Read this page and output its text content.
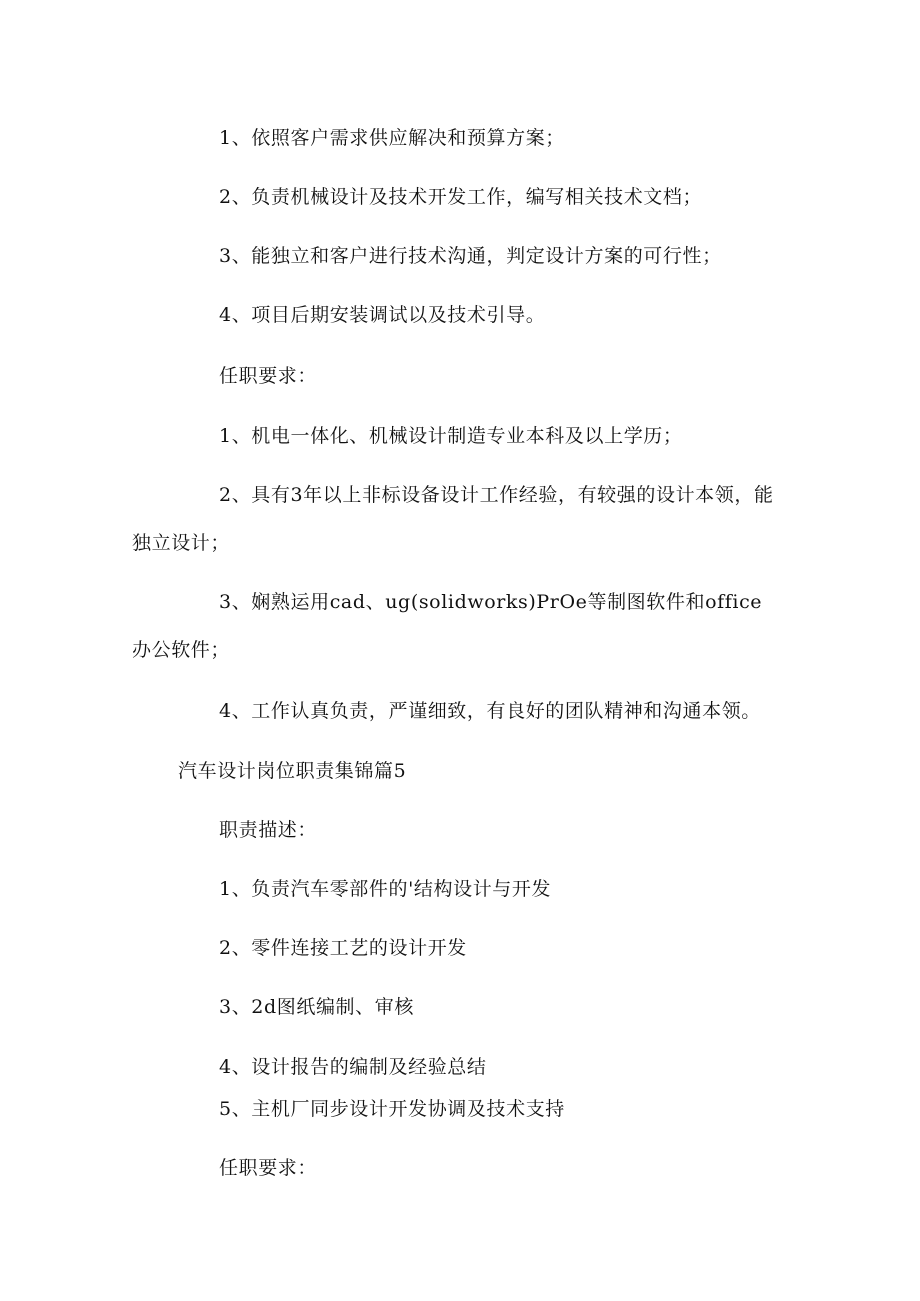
1、依照客户需求供应解决和预算方案；
2、负责机械设计及技术开发工作，编写相关技术文档；
3、能独立和客户进行技术沟通，判定设计方案的可行性；
4、项目后期安装调试以及技术引导。
任职要求：
1、机电一体化、机械设计制造专业本科及以上学历；
2、具有3年以上非标设备设计工作经验，有较强的设计本领，能
独立设计；
3、娴熟运用cad、ug(solidworks)PrOe等制图软件和office
办公软件；
4、工作认真负责，严谨细致，有良好的团队精神和沟通本领。
汽车设计岗位职责集锦篇5
职责描述：
1、负责汽车零部件的'结构设计与开发
2、零件连接工艺的设计开发
3、2d图纸编制、审核
4、设计报告的编制及经验总结
5、主机厂同步设计开发协调及技术支持
任职要求：
